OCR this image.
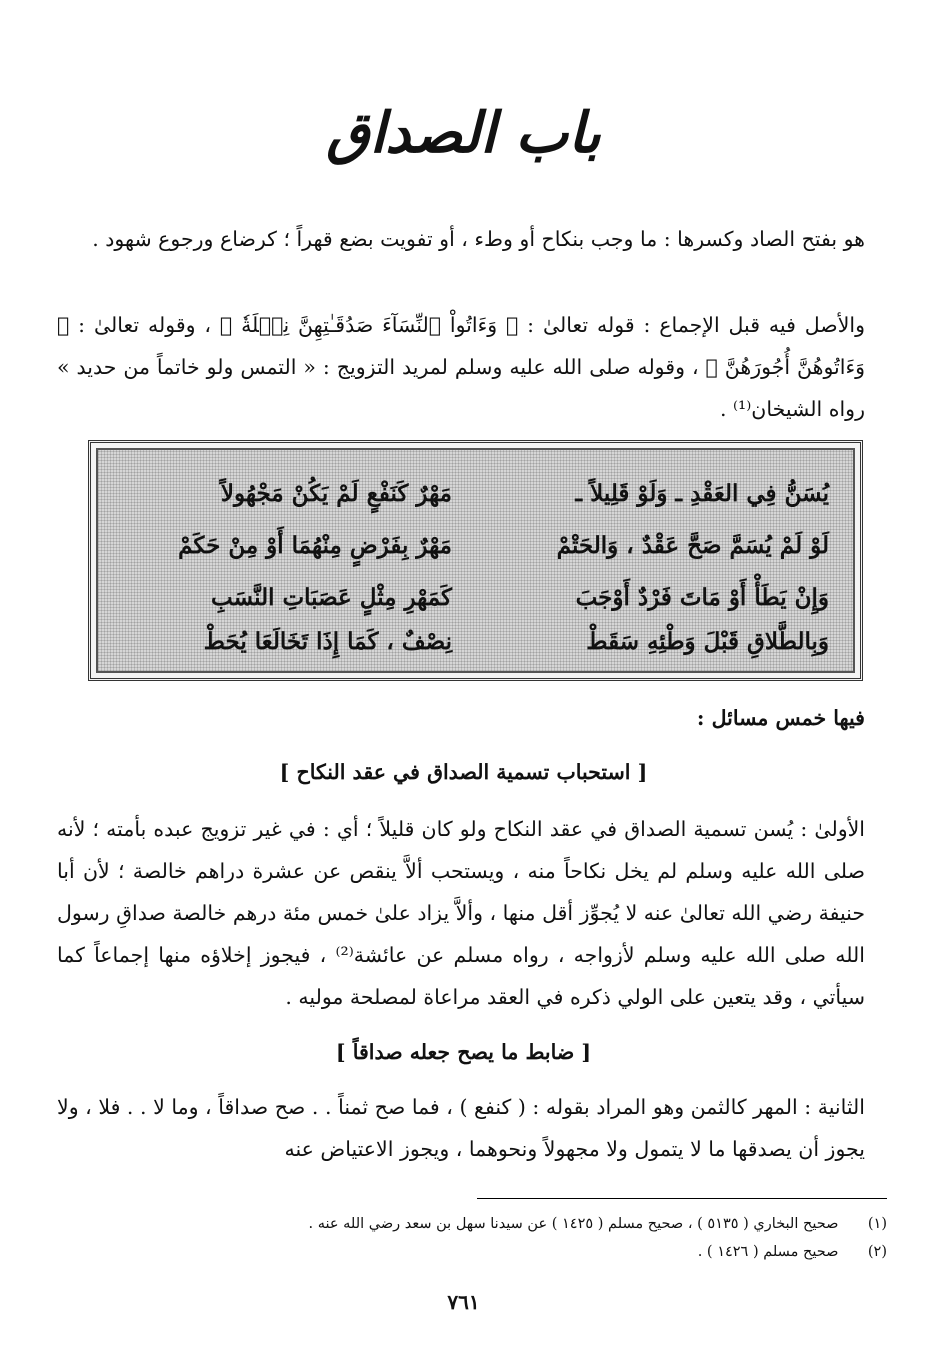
باب الصداق

هو بفتح الصاد وكسرها : ما وجب بنكاح أو وطء ، أو تفويت بضع قهراً ؛ كرضاع ورجوع شهود .

والأصل فيه قبل الإجماع : قوله تعالىٰ : ﴿ وَءَاتُواْ ٱلنِّسَآءَ صَدُقَـٰتِهِنَّ نِحۡلَةٗ ﴾ ، وقوله تعالىٰ : ﴿ وَءَاتُوهُنَّ أُجُورَهُنَّ ﴾ ، وقوله صلى الله عليه وسلم لمريد التزويج : « التمس ولو خاتماً من حديد » رواه الشيخان⁽¹⁾ .

يُسَنُّ فِي العَقْدِ ـ وَلَوْ قَلِيلاً ـ
مَهْرٌ كَنَفْعٍ لَمْ يَكُنْ مَجْهُولاً
لَوْ لَمْ يُسَمَّ صَحَّ عَقْدٌ ، وَالحَتْمْ
مَهْرٌ بِفَرْضٍ مِنْهُمَا أَوْ مِنْ حَكَمْ
وَإِنْ يَطَأْ أَوْ مَاتَ فَرْدٌ أَوْجَبَ
كَمَهْرِ مِثْلٍ عَصَبَاتِ النَّسَبِ
وَبِالطَّلاقِ قَبْلَ وَطْئِهِ سَقَطْ
نِصْفٌ ، كَمَا إِذَا تَخَالَعَا يُحَطْ
فيها خمس مسائل :
[ استحباب تسمية الصداق في عقد النكاح ]

الأولىٰ : يُسن تسمية الصداق في عقد النكاح ولو كان قليلاً ؛ أي : في غير تزويج عبده بأمته ؛ لأنه صلى الله عليه وسلم لم يخل نكاحاً منه ، ويستحب ألاَّ ينقص عن عشرة دراهم خالصة ؛ لأن أبا حنيفة رضي الله تعالىٰ عنه لا يُجوِّز أقل منها ، وألاَّ يزاد علىٰ خمس مئة درهم خالصة صداقِ رسول الله صلى الله عليه وسلم لأزواجه ، رواه مسلم عن عائشة⁽²⁾ ، فيجوز إخلاؤه منها إجماعاً كما سيأتي ، وقد يتعين على الولي ذكره في العقد مراعاة لمصلحة موليه .

[ ضابط ما يصح جعله صداقاً ]

الثانية : المهر كالثمن وهو المراد بقوله : ( كنفع ) ، فما صح ثمناً . . صح صداقاً ، وما لا . . فلا ، ولا يجوز أن يصدقها ما لا يتمول ولا مجهولاً ونحوهما ، ويجوز الاعتياض عنه

(١) صحيح البخاري ( ٥١٣٥ ) ، صحيح مسلم ( ١٤٢٥ ) عن سيدنا سهل بن سعد رضي الله عنه .
(٢) صحيح مسلم ( ١٤٢٦ ) .
٧٦١
